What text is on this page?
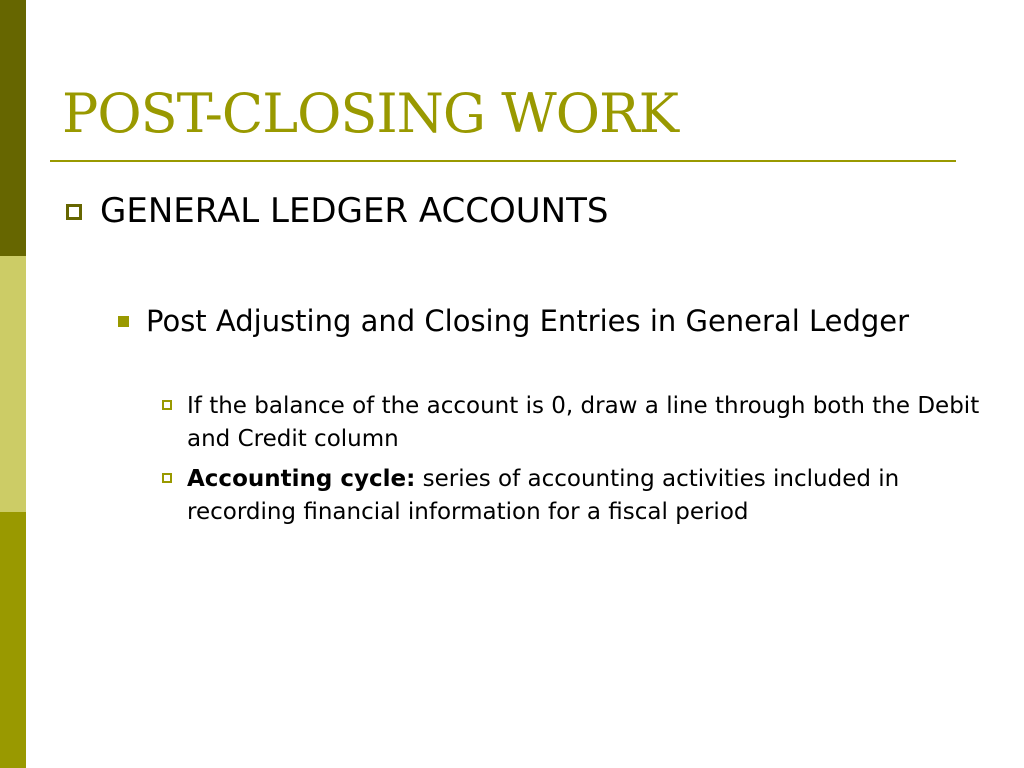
POST-CLOSING WORK
GENERAL LEDGER ACCOUNTS
Post Adjusting and Closing Entries in General Ledger
If the balance of the account is 0, draw a line through both the Debit and Credit column
Accounting cycle: series of accounting activities included in recording financial information for a fiscal period
